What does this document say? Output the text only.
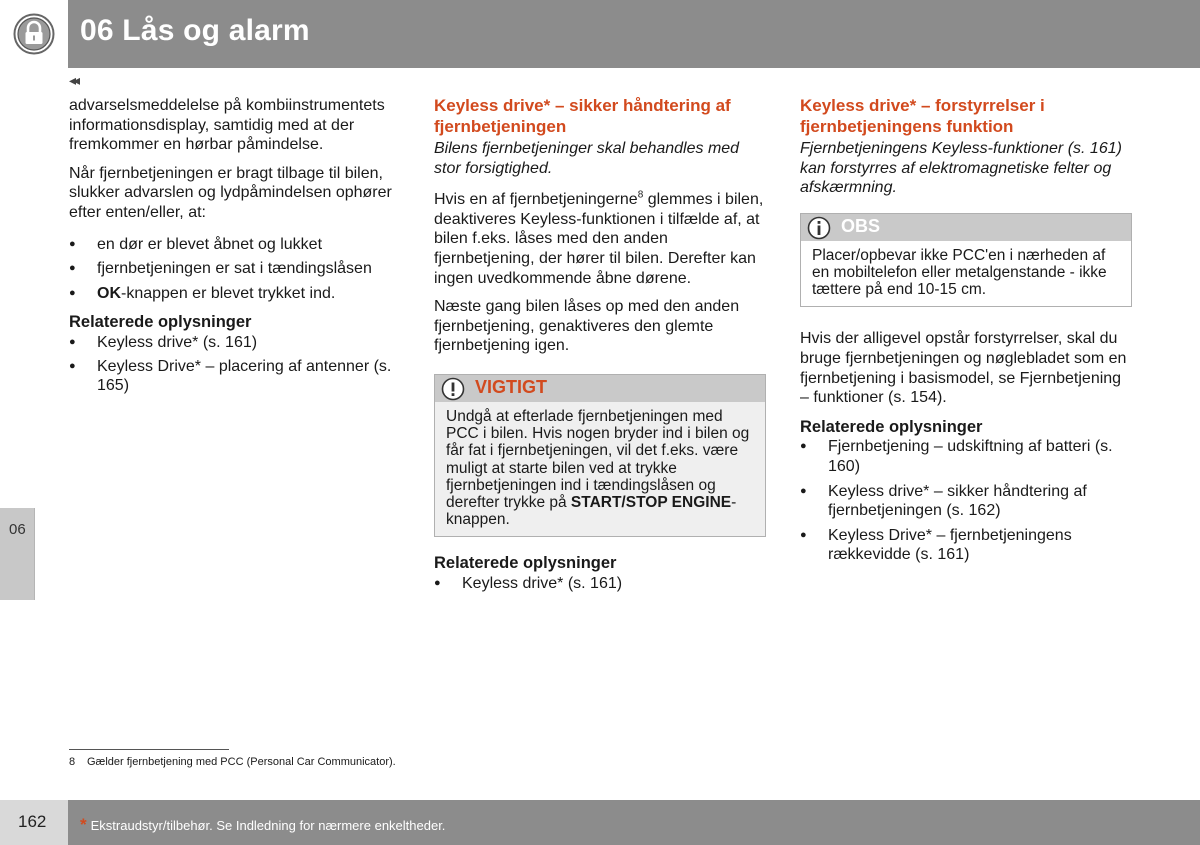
06 Lås og alarm
06
◂◂

advarselsmeddelelse på kombiinstrumentets informationsdisplay, samtidig med at der fremkommer en hørbar påmindelse.

Når fjernbetjeningen er bragt tilbage til bilen, slukker advarslen og lydpåmindelsen ophører efter enten/eller, at:

● en dør er blevet åbnet og lukket
● fjernbetjeningen er sat i tændingslåsen
● OK-knappen er blevet trykket ind.
Relaterede oplysninger
● Keyless drive* (s. 161)
● Keyless Drive* – placering af antenner (s. 165)
Keyless drive* – sikker håndtering af fjernbetjeningen

Bilens fjernbetjeninger skal behandles med stor forsigtighed.

Hvis en af fjernbetjeningerne$^8$ glemmes i bilen, deaktiveres Keyless-funktionen i tilfælde af, at bilen f.eks. låses med den anden fjernbetjening, der hører til bilen. Derefter kan ingen uvedkommende åbne dørene.

Næste gang bilen låses op med den anden fjernbetjening, genaktiveres den glemte fjernbetjening igen.

VIGTIGT
Undgå at efterlade fjernbetjeningen med PCC i bilen. Hvis nogen bryder ind i bilen og får fat i fjernbetjeningen, vil det f.eks. være muligt at starte bilen ved at trykke fjernbetjeningen ind i tændingslåsen og derefter trykke på START/STOP ENGINE-knappen.
Relaterede oplysninger
● Keyless drive* (s. 161)
Keyless drive* – forstyrrelser i fjernbetjeningens funktion

Fjernbetjeningens Keyless-funktioner (s. 161) kan forstyrres af elektromagnetiske felter og afskærmning.

OBS
Placer/opbevar ikke PCC'en i nærheden af en mobiltelefon eller metalgenstande - ikke tættere på end 10-15 cm.

Hvis der alligevel opstår forstyrrelser, skal du bruge fjernbetjeningen og nøglebladet som en fjernbetjening i basismodel, se Fjernbetjening – funktioner (s. 154).

Relaterede oplysninger
● Fjernbetjening – udskiftning af batteri (s. 160)
● Keyless drive* – sikker håndtering af fjernbetjeningen (s. 162)
● Keyless Drive* – fjernbetjeningens rækkevidde (s. 161)
8 Gælder fjernbetjening med PCC (Personal Car Communicator).
162 * Ekstraudstyr/tilbehør. Se Indledning for nærmere enkeltheder.
